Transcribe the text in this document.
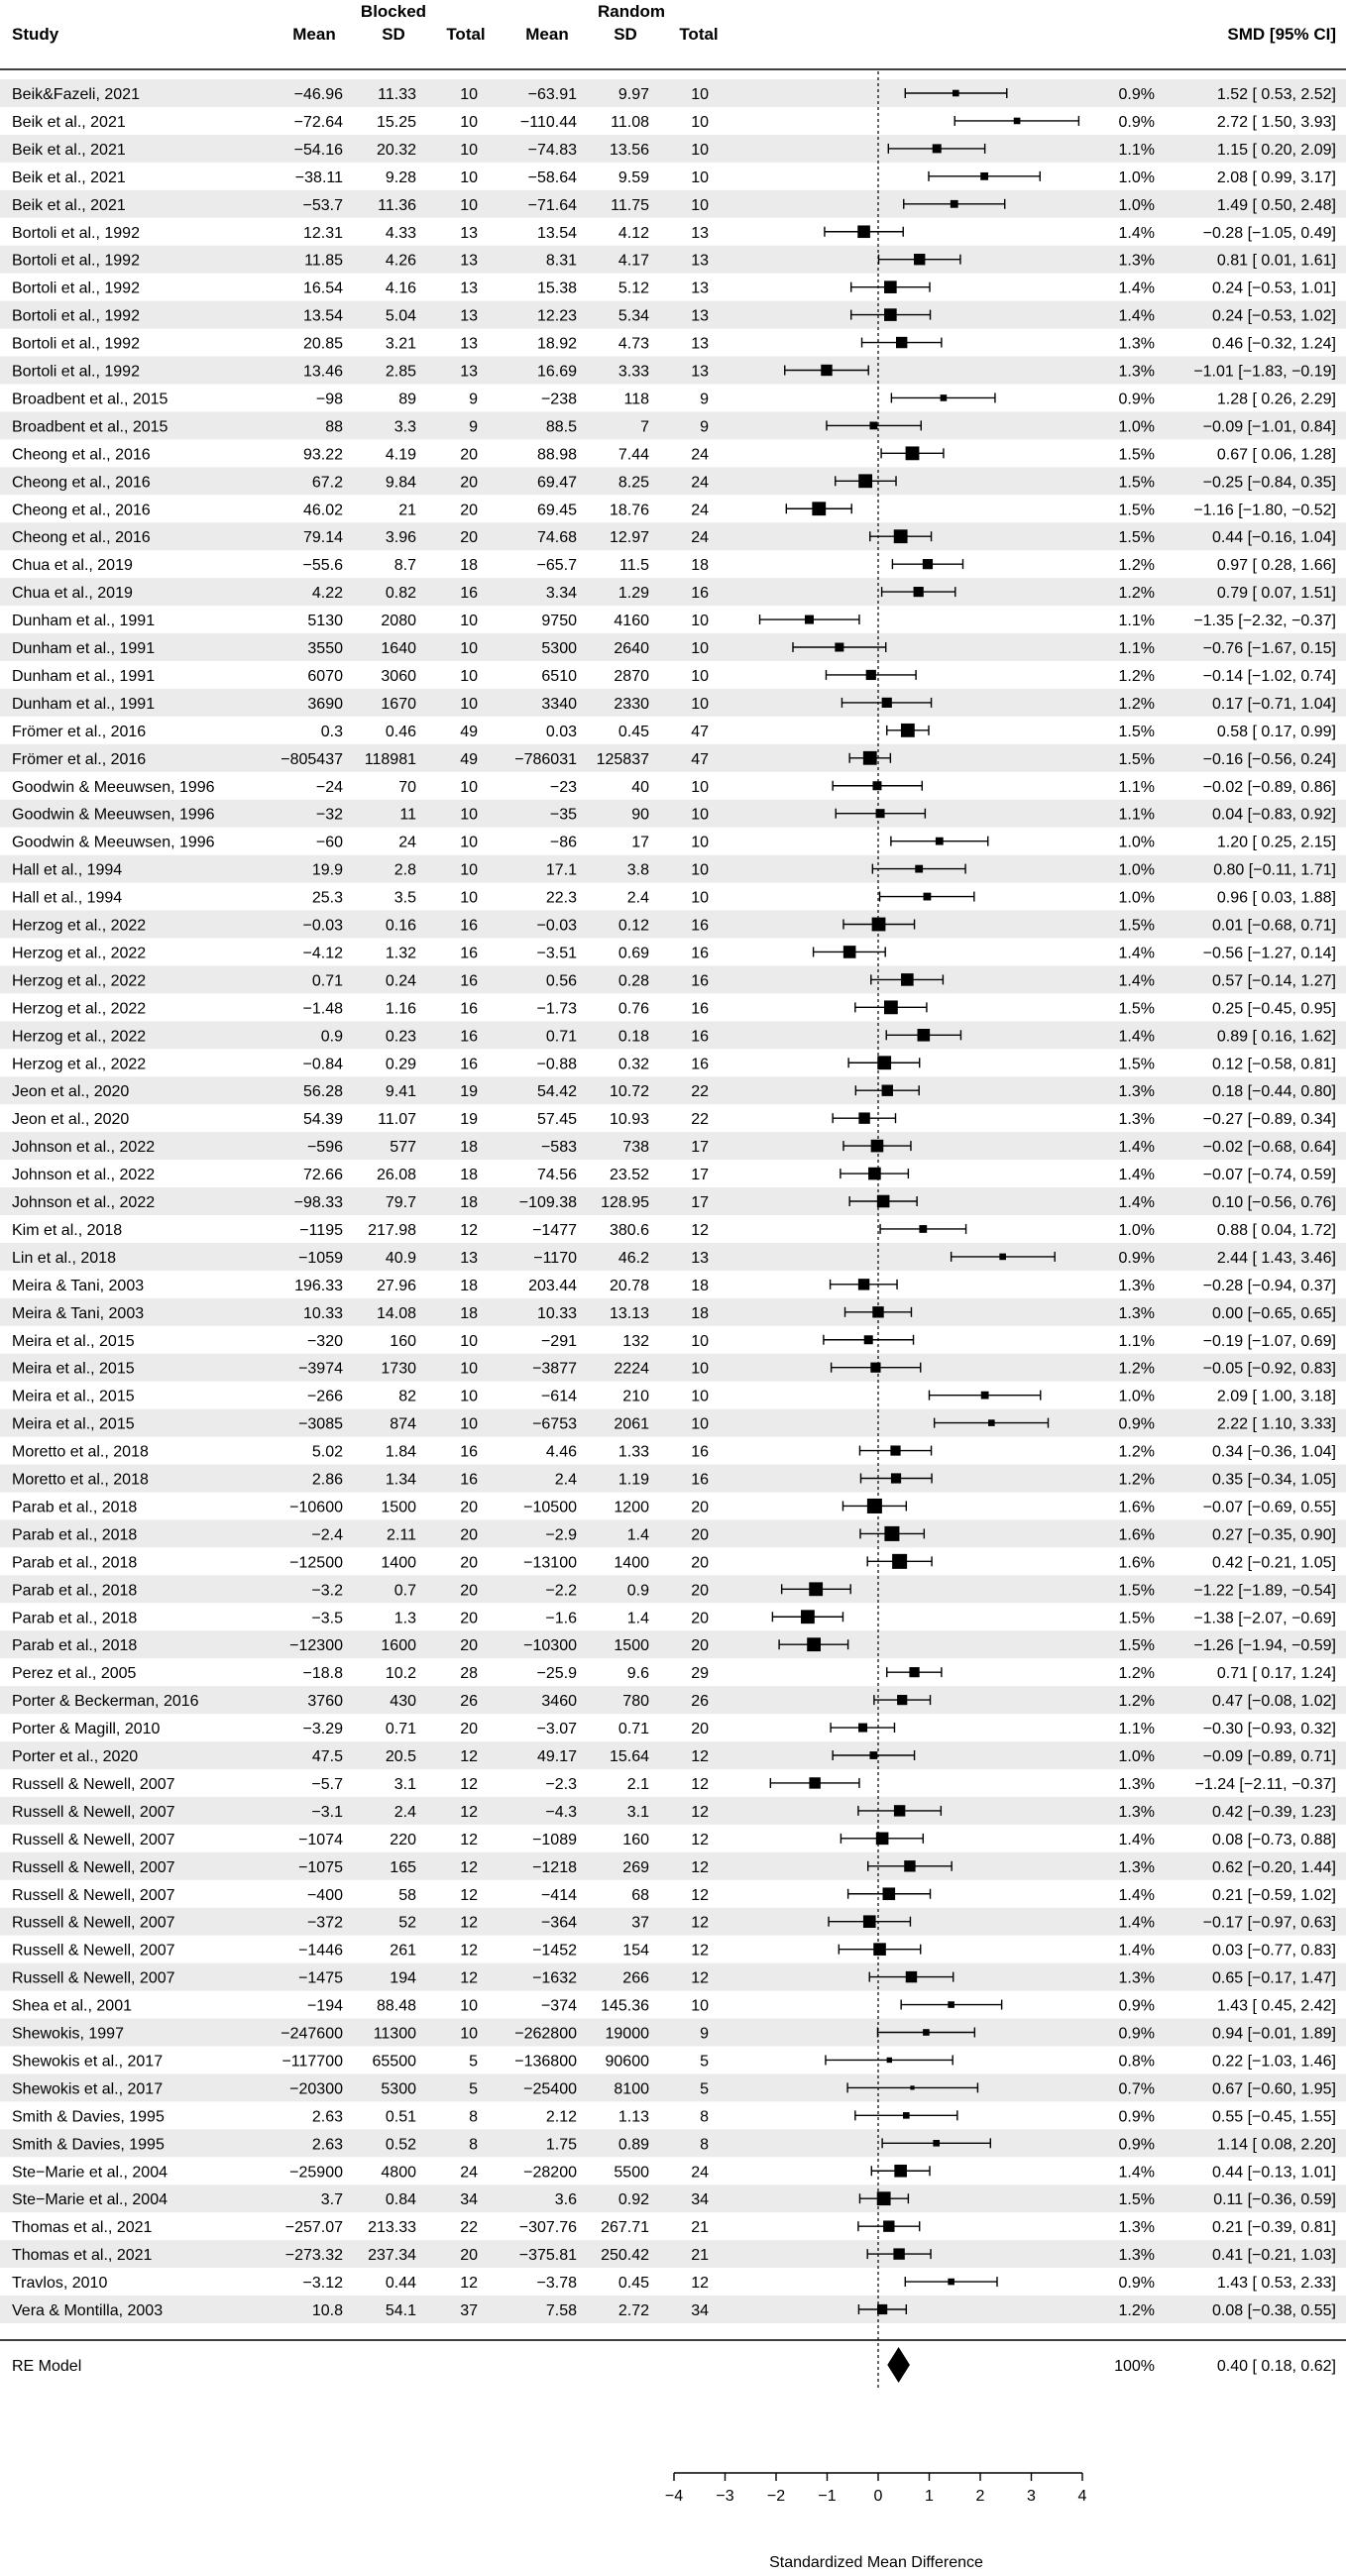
Study
Blocked	Random
Mean	SD Total Mean	SD	Total	SMD [95% CI]
Beik&Fazeli, 2021	−46.96 11.33	10	−63.91	9.97	10	0.9%	1.52 [ 0.53, 2.52]
Beik et al., 2021	−72.64 15.25	10	−110.44 11.08	10	0.9%	2.72 [ 1.50, 3.93]
Beik et al., 2021	−54.16 20.32	10	−74.83 13.56	10	1.1%	1.15 [ 0.20, 2.09]
Beik et al., 2021	−38.11	9.28	10	−58.64	9.59	10	1.0%	2.08 [ 0.99, 3.17]
Beik et al., 2021	−53.7 11.36	10	−71.64 11.75	10	1.0%	1.49 [ 0.50, 2.48]
Bortoli et al., 1992	12.31	4.33	13	13.54	4.12	13	1.4%	−0.28 [−1.05, 0.49]
Bortoli et al., 1992	11.85	4.26	13	8.31	4.17	13	1.3%	0.81 [ 0.01, 1.61]
Bortoli et al., 1992	16.54	4.16	13	15.38	5.12	13	1.4%	0.24 [−0.53, 1.01]
Bortoli et al., 1992	13.54	5.04	13	12.23	5.34	13	1.4%	0.24 [−0.53, 1.02]
Bortoli et al., 1992	20.85	3.21	13	18.92	4.73	13	1.3%	0.46 [−0.32, 1.24]
Bortoli et al., 1992	13.46	2.85	13	16.69	3.33	13	1.3% −1.01 [−1.83, −0.19]
Broadbent et al., 2015	−98	89	9	−238	118	9	0.9%	1.28 [ 0.26, 2.29]
Broadbent et al., 2015	88	3.3	9	88.5	7	9	1.0%	−0.09 [−1.01, 0.84]
Cheong et al., 2016	93.22	4.19	20	88.98	7.44	24	1.5%	0.67 [ 0.06, 1.28]
Cheong et al., 2016	67.2	9.84	20	69.47	8.25	24	1.5%	−0.25 [−0.84, 0.35]
Cheong et al., 2016	46.02	21	20	69.45 18.76	24	1.5% −1.16 [−1.80, −0.52]
Cheong et al., 2016	79.14	3.96	20	74.68 12.97	24	1.5%	0.44 [−0.16, 1.04]
Chua et al., 2019	−55.6	8.7	18	−65.7	11.5	18	1.2%	0.97 [ 0.28, 1.66]
Chua et al., 2019	4.22	0.82	16	3.34	1.29	16	1.2%	0.79 [ 0.07, 1.51]
Dunham et al., 1991	5130 2080	10	9750 4160	10	1.1% −1.35 [−2.32, −0.37]
Dunham et al., 1991	3550 1640	10	5300 2640	10	1.1%	−0.76 [−1.67, 0.15]
Dunham et al., 1991	6070 3060	10	6510 2870	10	1.2%	−0.14 [−1.02, 0.74]
Dunham et al., 1991	3690 1670	10	3340 2330	10	1.2%	0.17 [−0.71, 1.04]
Frömer et al., 2016	0.3	0.46	49	0.03	0.45	47	1.5%	0.58 [ 0.17, 0.99]
Frömer et al., 2016	−805437 118981	49 −786031 125837	47	1.5%	−0.16 [−0.56, 0.24]
Goodwin & Meeuwsen, 1996	−24	70	10	−23	40	10	1.1%	−0.02 [−0.89, 0.86]
Goodwin & Meeuwsen, 1996	−32	11	10	−35	90	10	1.1%	0.04 [−0.83, 0.92]
Goodwin & Meeuwsen, 1996	−60	24	10	−86	17	10	1.0%	1.20 [ 0.25, 2.15]
Hall et al., 1994	19.9	2.8	10	17.1	3.8	10	1.0%	0.80 [−0.11, 1.71]
Hall et al., 1994	25.3	3.5	10	22.3	2.4	10	1.0%	0.96 [ 0.03, 1.88]
Herzog et al., 2022	−0.03	0.16	16	−0.03	0.12	16	1.5%	0.01 [−0.68, 0.71]
Herzog et al., 2022	−4.12	1.32	16	−3.51	0.69	16	1.4%	−0.56 [−1.27, 0.14]
Herzog et al., 2022	0.71	0.24	16	0.56	0.28	16	1.4%	0.57 [−0.14, 1.27]
Herzog et al., 2022	−1.48	1.16	16	−1.73	0.76	16	1.5%	0.25 [−0.45, 0.95]
Herzog et al., 2022	0.9	0.23	16	0.71	0.18	16	1.4%	0.89 [ 0.16, 1.62]
Herzog et al., 2022	−0.84	0.29	16	−0.88	0.32	16	1.5%	0.12 [−0.58, 0.81]
Jeon et al., 2020	56.28	9.41	19	54.42 10.72	22	1.3%	0.18 [−0.44, 0.80]
Jeon et al., 2020	54.39 11.07	19	57.45 10.93	22	1.3%	−0.27 [−0.89, 0.34]
Johnson et al., 2022	−596	577	18	−583	738	17	1.4%	−0.02 [−0.68, 0.64]
Johnson et al., 2022	72.66 26.08	18	74.56 23.52	17	1.4%	−0.07 [−0.74, 0.59]
Johnson et al., 2022	−98.33	79.7	18	−109.38 128.95	17	1.4%	0.10 [−0.56, 0.76]
Kim et al., 2018	−1195 217.98	12	−1477 380.6	12	1.0%	0.88 [ 0.04, 1.72]
Lin et al., 2018	−1059	40.9	13	−1170	46.2	13	0.9%	2.44 [ 1.43, 3.46]
Meira & Tani, 2003	196.33 27.96	18	203.44 20.78	18	1.3%	−0.28 [−0.94, 0.37]
Meira & Tani, 2003	10.33 14.08	18	10.33 13.13	18	1.3%	0.00 [−0.65, 0.65]
Meira et al., 2015	−320	160	10	−291	132	10	1.1%	−0.19 [−1.07, 0.69]
Meira et al., 2015	−3974 1730	10	−3877 2224	10	1.2%	−0.05 [−0.92, 0.83]
Meira et al., 2015	−266	82	10	−614	210	10	1.0%	2.09 [ 1.00, 3.18]
Meira et al., 2015	−3085	874	10	−6753 2061	10	0.9%	2.22 [ 1.10, 3.33]
Moretto et al., 2018	5.02	1.84	16	4.46	1.33	16	1.2%	0.34 [−0.36, 1.04]
Moretto et al., 2018	2.86	1.34	16	2.4	1.19	16	1.2%	0.35 [−0.34, 1.05]
Parab et al., 2018	−10600 1500	20	−10500 1200	20	1.6%	−0.07 [−0.69, 0.55]
Parab et al., 2018	−2.4	2.11	20	−2.9	1.4	20	1.6%	0.27 [−0.35, 0.90]
Parab et al., 2018	−12500 1400	20	−13100 1400	20	1.6%	0.42 [−0.21, 1.05]
Parab et al., 2018	−3.2	0.7	20	−2.2	0.9	20	1.5% −1.22 [−1.89, −0.54]
Parab et al., 2018	−3.5	1.3	20	−1.6	1.4	20	1.5% −1.38 [−2.07, −0.69]
Parab et al., 2018	−12300 1600	20	−10300 1500	20	1.5% −1.26 [−1.94, −0.59]
Perez et al., 2005	−18.8	10.2	28	−25.9	9.6	29	1.2%	0.71 [ 0.17, 1.24]
Porter & Beckerman, 2016	3760	430	26	3460	780	26	1.2%	0.47 [−0.08, 1.02]
Porter & Magill, 2010	−3.29	0.71	20	−3.07	0.71	20	1.1%	−0.30 [−0.93, 0.32]
Porter et al., 2020	47.5	20.5	12	49.17 15.64	12	1.0%	−0.09 [−0.89, 0.71]
Russell & Newell, 2007	−5.7	3.1	12	−2.3	2.1	12	1.3%	−1.24 [−2.11, −0.37]
Russell & Newell, 2007	−3.1	2.4	12	−4.3	3.1	12	1.3%	0.42 [−0.39, 1.23]
Russell & Newell, 2007	−1074	220	12	−1089	160	12	1.4%	0.08 [−0.73, 0.88]
Russell & Newell, 2007	−1075	165	12	−1218	269	12	1.3%	0.62 [−0.20, 1.44]
Russell & Newell, 2007	−400	58	12	−414	68	12	1.4%	0.21 [−0.59, 1.02]
Russell & Newell, 2007	−372	52	12	−364	37	12	1.4%	−0.17 [−0.97, 0.63]
Russell & Newell, 2007	−1446	261	12	−1452	154	12	1.4%	0.03 [−0.77, 0.83]
Russell & Newell, 2007	−1475	194	12	−1632	266	12	1.3%	0.65 [−0.17, 1.47]
Shea et al., 2001	−194 88.48	10	−374 145.36	10	0.9%	1.43 [ 0.45, 2.42]
Shewokis, 1997	−247600 11300	10 −262800 19000	9	0.9%	0.94 [−0.01, 1.89]
Shewokis et al., 2017	−117700 65500	5 −136800 90600	5	0.8%	0.22 [−1.03, 1.46]
Shewokis et al., 2017	−20300 5300	5	−25400 8100	5	0.7%	0.67 [−0.60, 1.95]
Smith & Davies, 1995	2.63	0.51	8	2.12	1.13	8	0.9%	0.55 [−0.45, 1.55]
Smith & Davies, 1995	2.63	0.52	8	1.75	0.89	8	0.9%	1.14 [ 0.08, 2.20]
Ste−Marie et al., 2004	−25900 4800	24	−28200 5500	24	1.4%	0.44 [−0.13, 1.01]
Ste−Marie et al., 2004	3.7	0.84	34	3.6	0.92	34	1.5%	0.11 [−0.36, 0.59]
Thomas et al., 2021	−257.07 213.33	22	−307.76 267.71	21	1.3%	0.21 [−0.39, 0.81]
Thomas et al., 2021	−273.32 237.34	20	−375.81 250.42	21	1.3%	0.41 [−0.21, 1.03]
Travlos, 2010	−3.12	0.44	12	−3.78	0.45	12	0.9%	1.43 [ 0.53, 2.33]
Vera & Montilla, 2003	10.8	54.1	37	7.58	2.72	34	1.2%	0.08 [−0.38, 0.55]
RE Model	100%	0.40 [ 0.18, 0.62]
−4 −3 −2 −1 0	1	2	3	4
Standardized Mean Difference
